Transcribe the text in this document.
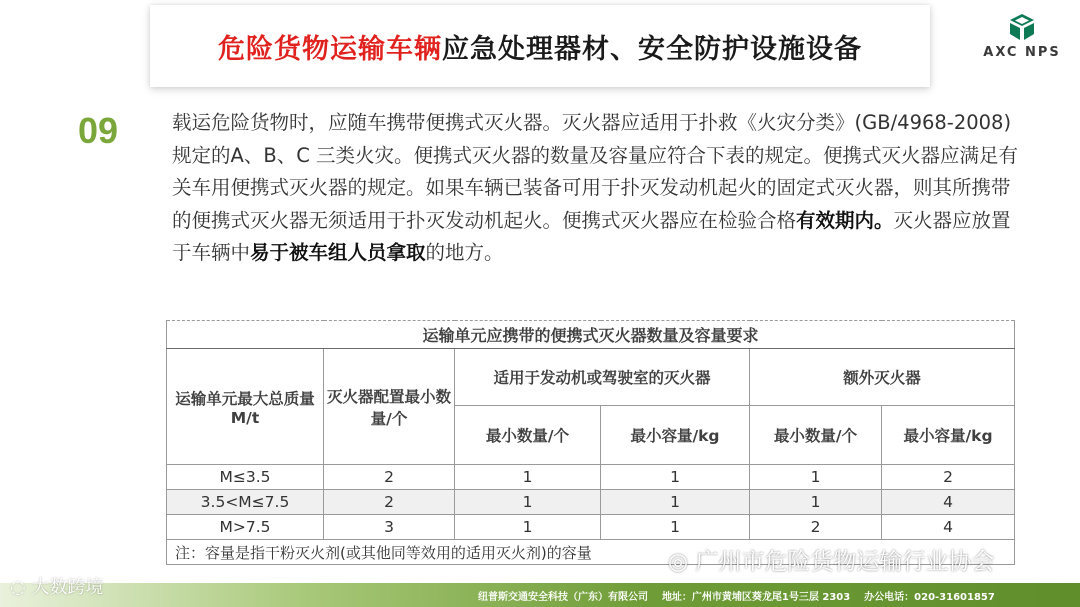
危险货物运输车辆应急处理器材、安全防护设施设备	AXC NPS
09	载运危险货物时，应随车携带便携式灭火器。灭火器应适用于扑救《火灾分类》(GB/4968-2008)规定的A、B、C 三类火灾。便携式灭火器的数量及容量应符合下表的规定。便携式灭火器应满足有关车用便携式灭火器的规定。如果车辆已装备可用于扑灭发动机起火的固定式灭火器，则其所携带的便携式灭火器无须适用于扑灭发动机起火。便携式灭火器应在检验合格有效期内。灭火器应放置于车辆中易于被车组人员拿取的地方。

运输单元应携带的便携式灭火器数量及容量要求					
运输单元最大总质量M/t	灭火器配置最小数量/个	适用于发动机或驾驶室的灭火器		额外灭火器	
		最小数量/个	最小容量/kg	最小数量/个	最小容量/kg
M≤3.5	2	1	1	1	2
3.5<M≤7.5	2	1	1	1	4
M>7.5	3	1	1	2	4
注：容量是指干粉灭火剂(或其他同等效用的适用灭火剂)的容量					
纽普斯交通安全科技（广东）有限公司 地址：广州市黄埔区葵龙尾1号三层 2303 办公电话：020-31601857
◌ 大数跨境
◎ 广州市危险货物运输行业协会
